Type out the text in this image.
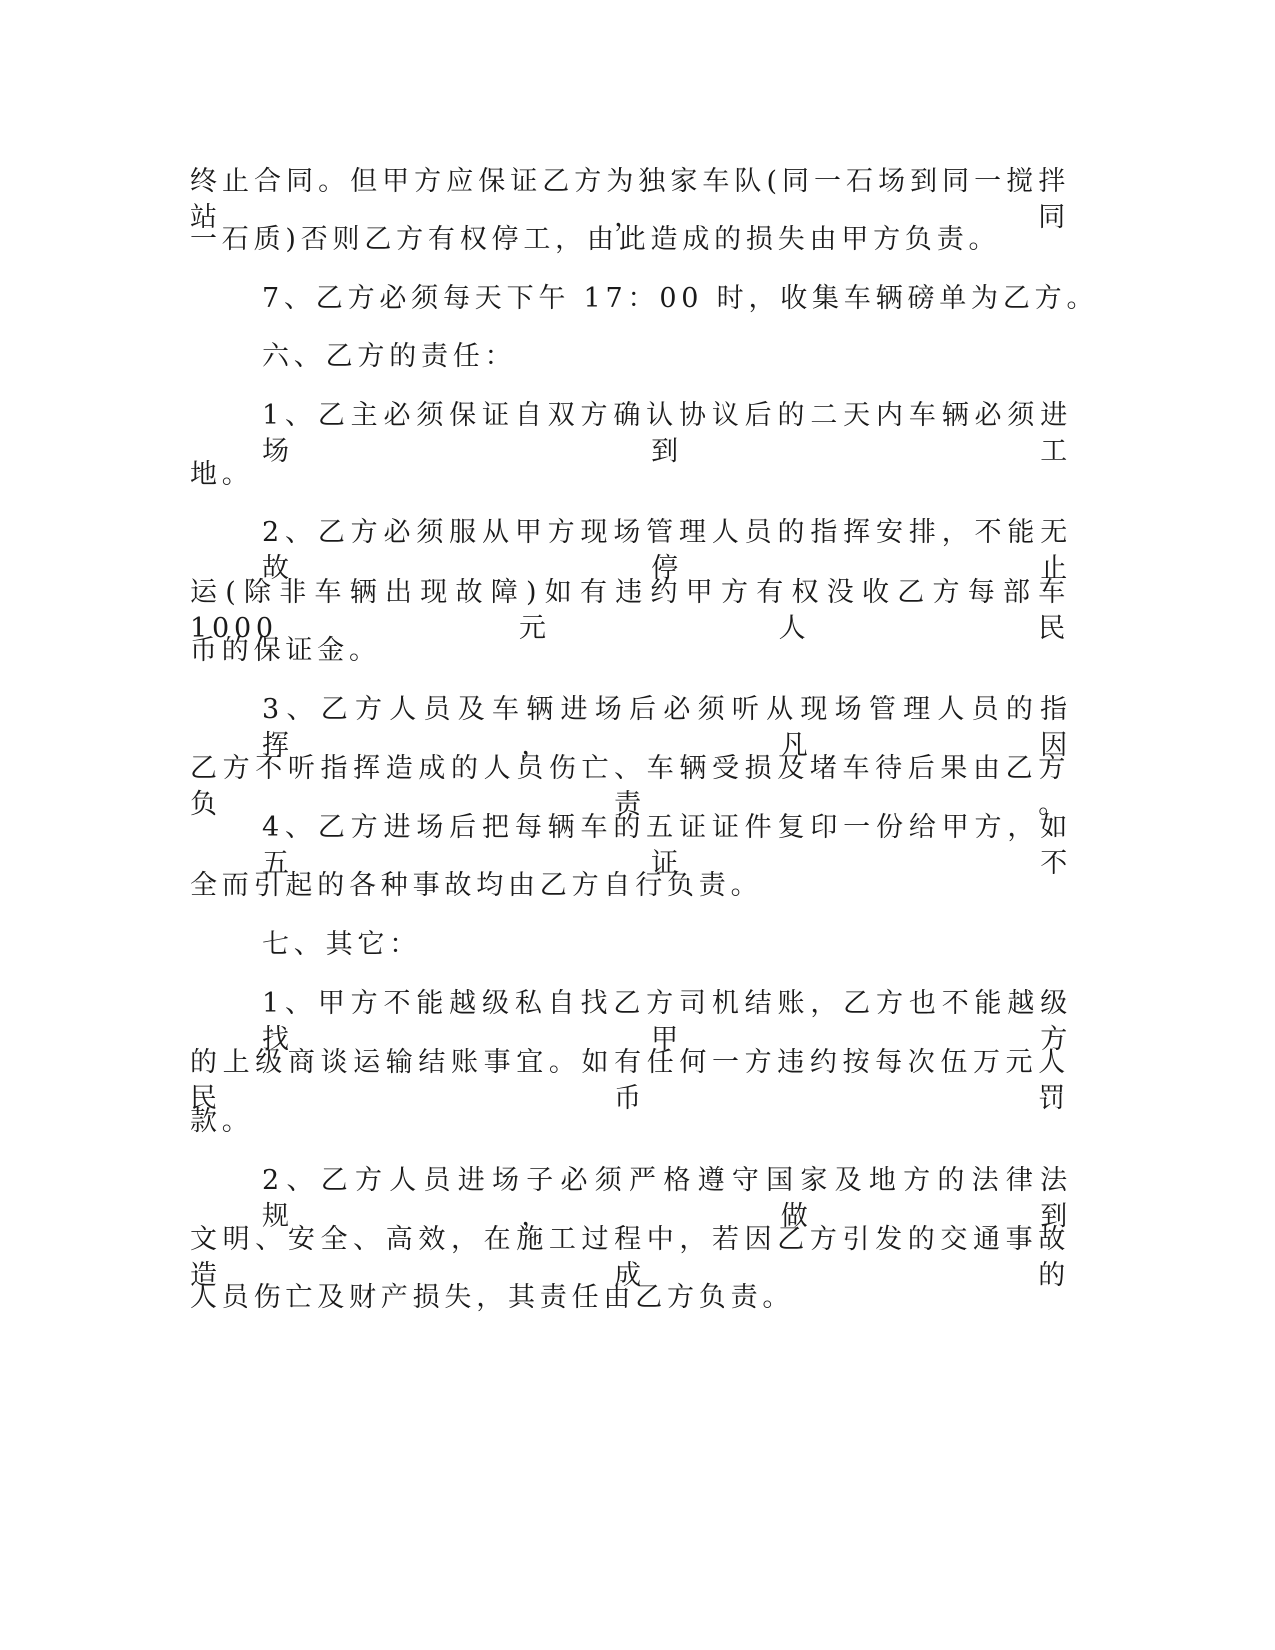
终止合同。但甲方应保证乙方为独家车队(同一石场到同一搅拌站，同
一石质)否则乙方有权停工，由此造成的损失由甲方负责。
7、乙方必须每天下午 17：00 时，收集车辆磅单为乙方。
六、乙方的责任：
1、乙主必须保证自双方确认协议后的二天内车辆必须进场到工
地。
2、乙方必须服从甲方现场管理人员的指挥安排，不能无故停止
运(除非车辆出现故障)如有违约甲方有权没收乙方每部车 1000 元人民
币的保证金。
3、乙方人员及车辆进场后必须听从现场管理人员的指挥，凡因
乙方不听指挥造成的人员伤亡、车辆受损及堵车待后果由乙方负责。
4、乙方进场后把每辆车的五证证件复印一份给甲方，如五证不
全而引起的各种事故均由乙方自行负责。
七、其它：
1、甲方不能越级私自找乙方司机结账，乙方也不能越级找甲方
的上级商谈运输结账事宜。如有任何一方违约按每次伍万元人民币罚
款。
2、乙方人员进场子必须严格遵守国家及地方的法律法规，做到
文明、安全、高效，在施工过程中，若因乙方引发的交通事故造成的
人员伤亡及财产损失，其责任由乙方负责。
